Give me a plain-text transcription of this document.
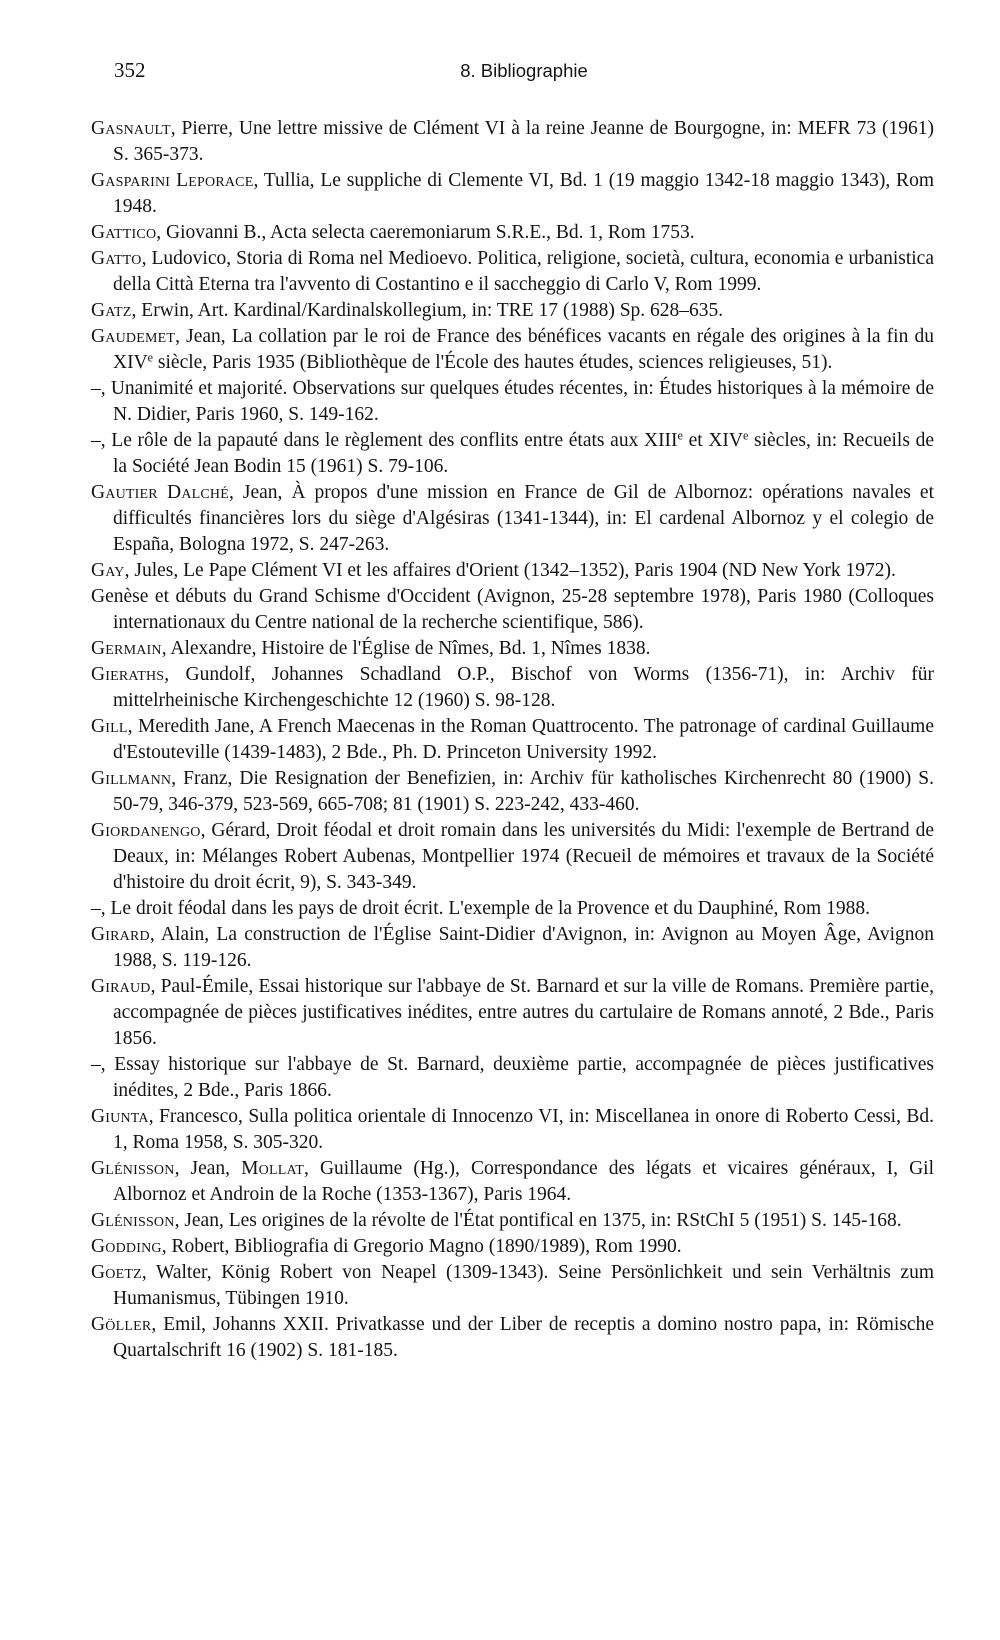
352	8. Bibliographie
Gasnault, Pierre, Une lettre missive de Clément VI à la reine Jeanne de Bourgogne, in: MEFR 73 (1961) S. 365-373.
Gasparini Leporace, Tullia, Le suppliche di Clemente VI, Bd. 1 (19 maggio 1342-18 maggio 1343), Rom 1948.
Gattico, Giovanni B., Acta selecta caeremoniarum S.R.E., Bd. 1, Rom 1753.
Gatto, Ludovico, Storia di Roma nel Medioevo. Politica, religione, società, cultura, economia e urbanistica della Città Eterna tra l'avvento di Costantino e il saccheggio di Carlo V, Rom 1999.
Gatz, Erwin, Art. Kardinal/Kardinalskollegium, in: TRE 17 (1988) Sp. 628–635.
Gaudemet, Jean, La collation par le roi de France des bénéfices vacants en régale des origines à la fin du XIVe siècle, Paris 1935 (Bibliothèque de l'École des hautes études, sciences religieuses, 51).
–, Unanimité et majorité. Observations sur quelques études récentes, in: Études historiques à la mémoire de N. Didier, Paris 1960, S. 149-162.
–, Le rôle de la papauté dans le règlement des conflits entre états aux XIIIe et XIVe siècles, in: Recueils de la Société Jean Bodin 15 (1961) S. 79-106.
Gautier Dalché, Jean, À propos d'une mission en France de Gil de Albornoz: opérations navales et difficultés financières lors du siège d'Algésiras (1341-1344), in: El cardenal Albornoz y el colegio de España, Bologna 1972, S. 247-263.
Gay, Jules, Le Pape Clément VI et les affaires d'Orient (1342–1352), Paris 1904 (ND New York 1972).
Genèse et débuts du Grand Schisme d'Occident (Avignon, 25-28 septembre 1978), Paris 1980 (Colloques internationaux du Centre national de la recherche scientifique, 586).
Germain, Alexandre, Histoire de l'Église de Nîmes, Bd. 1, Nîmes 1838.
Gieraths, Gundolf, Johannes Schadland O.P., Bischof von Worms (1356-71), in: Archiv für mittelrheinische Kirchengeschichte 12 (1960) S. 98-128.
Gill, Meredith Jane, A French Maecenas in the Roman Quattrocento. The patronage of cardinal Guillaume d'Estouteville (1439-1483), 2 Bde., Ph. D. Princeton University 1992.
Gillmann, Franz, Die Resignation der Benefizien, in: Archiv für katholisches Kirchenrecht 80 (1900) S. 50-79, 346-379, 523-569, 665-708; 81 (1901) S. 223-242, 433-460.
Giordanengo, Gérard, Droit féodal et droit romain dans les universités du Midi: l'exemple de Bertrand de Deaux, in: Mélanges Robert Aubenas, Montpellier 1974 (Recueil de mémoires et travaux de la Société d'histoire du droit écrit, 9), S. 343-349.
–, Le droit féodal dans les pays de droit écrit. L'exemple de la Provence et du Dauphiné, Rom 1988.
Girard, Alain, La construction de l'Église Saint-Didier d'Avignon, in: Avignon au Moyen Âge, Avignon 1988, S. 119-126.
Giraud, Paul-Émile, Essai historique sur l'abbaye de St. Barnard et sur la ville de Romans. Première partie, accompagnée de pièces justificatives inédites, entre autres du cartulaire de Romans annoté, 2 Bde., Paris 1856.
–, Essay historique sur l'abbaye de St. Barnard, deuxième partie, accompagnée de pièces justificatives inédites, 2 Bde., Paris 1866.
Giunta, Francesco, Sulla politica orientale di Innocenzo VI, in: Miscellanea in onore di Roberto Cessi, Bd. 1, Roma 1958, S. 305-320.
Glénisson, Jean, Mollat, Guillaume (Hg.), Correspondance des légats et vicaires généraux, I, Gil Albornoz et Androin de la Roche (1353-1367), Paris 1964.
Glénisson, Jean, Les origines de la révolte de l'État pontifical en 1375, in: RStChI 5 (1951) S. 145-168.
Godding, Robert, Bibliografia di Gregorio Magno (1890/1989), Rom 1990.
Goetz, Walter, König Robert von Neapel (1309-1343). Seine Persönlichkeit und sein Verhältnis zum Humanismus, Tübingen 1910.
Göller, Emil, Johanns XXII. Privatkasse und der Liber de receptis a domino nostro papa, in: Römische Quartalschrift 16 (1902) S. 181-185.
